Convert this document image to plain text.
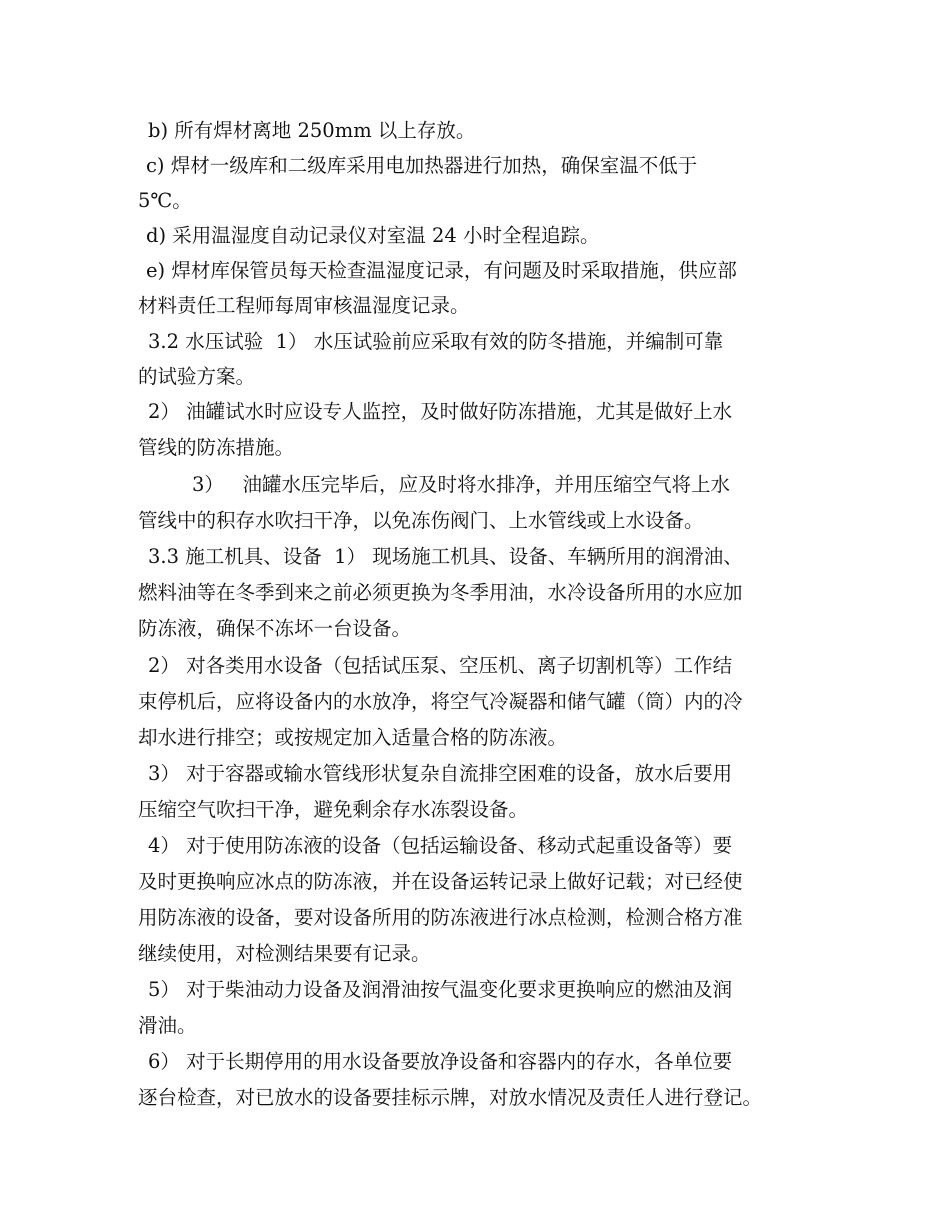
b) 所有焊材离地 250mm 以上存放。

c) 焊材一级库和二级库采用电加热器进行加热，确保室温不低于

5℃。

d) 采用温湿度自动记录仪对室温 24 小时全程追踪。

e) 焊材库保管员每天检查温湿度记录，有问题及时采取措施，供应部

材料责任工程师每周审核温湿度记录。

3.2 水压试验  1） 水压试验前应采取有效的防冬措施，并编制可靠

的试验方案。

2） 油罐试水时应设专人监控，及时做好防冻措施，尤其是做好上水

管线的防冻措施。

3）   油罐水压完毕后，应及时将水排净，并用压缩空气将上水

管线中的积存水吹扫干净，以免冻伤阀门、上水管线或上水设备。

3.3 施工机具、设备  1） 现场施工机具、设备、车辆所用的润滑油、

燃料油等在冬季到来之前必须更换为冬季用油，水冷设备所用的水应加

防冻液，确保不冻坏一台设备。

2） 对各类用水设备（包括试压泵、空压机、离子切割机等）工作结

束停机后，应将设备内的水放净，将空气冷凝器和储气罐（筒）内的冷

却水进行排空；或按规定加入适量合格的防冻液。

3） 对于容器或输水管线形状复杂自流排空困难的设备，放水后要用

压缩空气吹扫干净，避免剩余存水冻裂设备。

4） 对于使用防冻液的设备（包括运输设备、移动式起重设备等）要

及时更换响应冰点的防冻液，并在设备运转记录上做好记载；对已经使

用防冻液的设备，要对设备所用的防冻液进行冰点检测，检测合格方准

继续使用，对检测结果要有记录。

5） 对于柴油动力设备及润滑油按气温变化要求更换响应的燃油及润

滑油。

6） 对于长期停用的用水设备要放净设备和容器内的存水，各单位要

逐台检查，对已放水的设备要挂标示牌，对放水情况及责任人进行登记。
